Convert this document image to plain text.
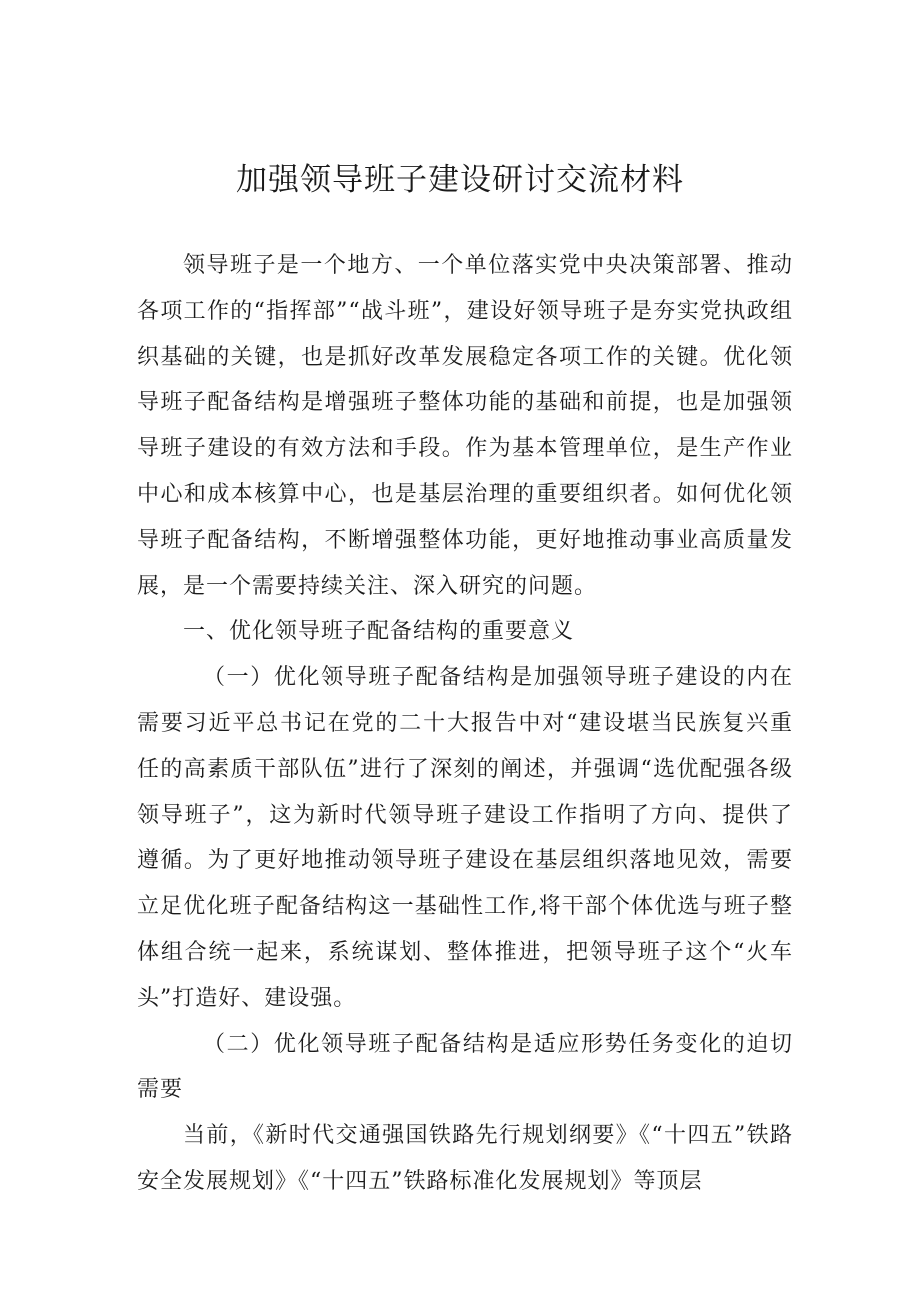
加强领导班子建设研讨交流材料

领导班子是一个地方、一个单位落实党中央决策部署、推动各项工作的“指挥部”“战斗班”，建设好领导班子是夯实党执政组织基础的关键，也是抓好改革发展稳定各项工作的关键。优化领导班子配备结构是增强班子整体功能的基础和前提，也是加强领导班子建设的有效方法和手段。作为基本管理单位，是生产作业中心和成本核算中心，也是基层治理的重要组织者。如何优化领导班子配备结构，不断增强整体功能，更好地推动事业高质量发展，是一个需要持续关注、深入研究的问题。

一、优化领导班子配备结构的重要意义

（一）优化领导班子配备结构是加强领导班子建设的内在需要习近平总书记在党的二十大报告中对“建设堪当民族复兴重任的高素质干部队伍”进行了深刻的阐述，并强调“选优配强各级领导班子”，这为新时代领导班子建设工作指明了方向、提供了遵循。为了更好地推动领导班子建设在基层组织落地见效，需要立足优化班子配备结构这一基础性工作,将干部个体优选与班子整体组合统一起来，系统谋划、整体推进，把领导班子这个“火车头”打造好、建设强。

（二）优化领导班子配备结构是适应形势任务变化的迫切需要

当前，《新时代交通强国铁路先行规划纲要》《“十四五”铁路安全发展规划》《“十四五”铁路标准化发展规划》等顶层
